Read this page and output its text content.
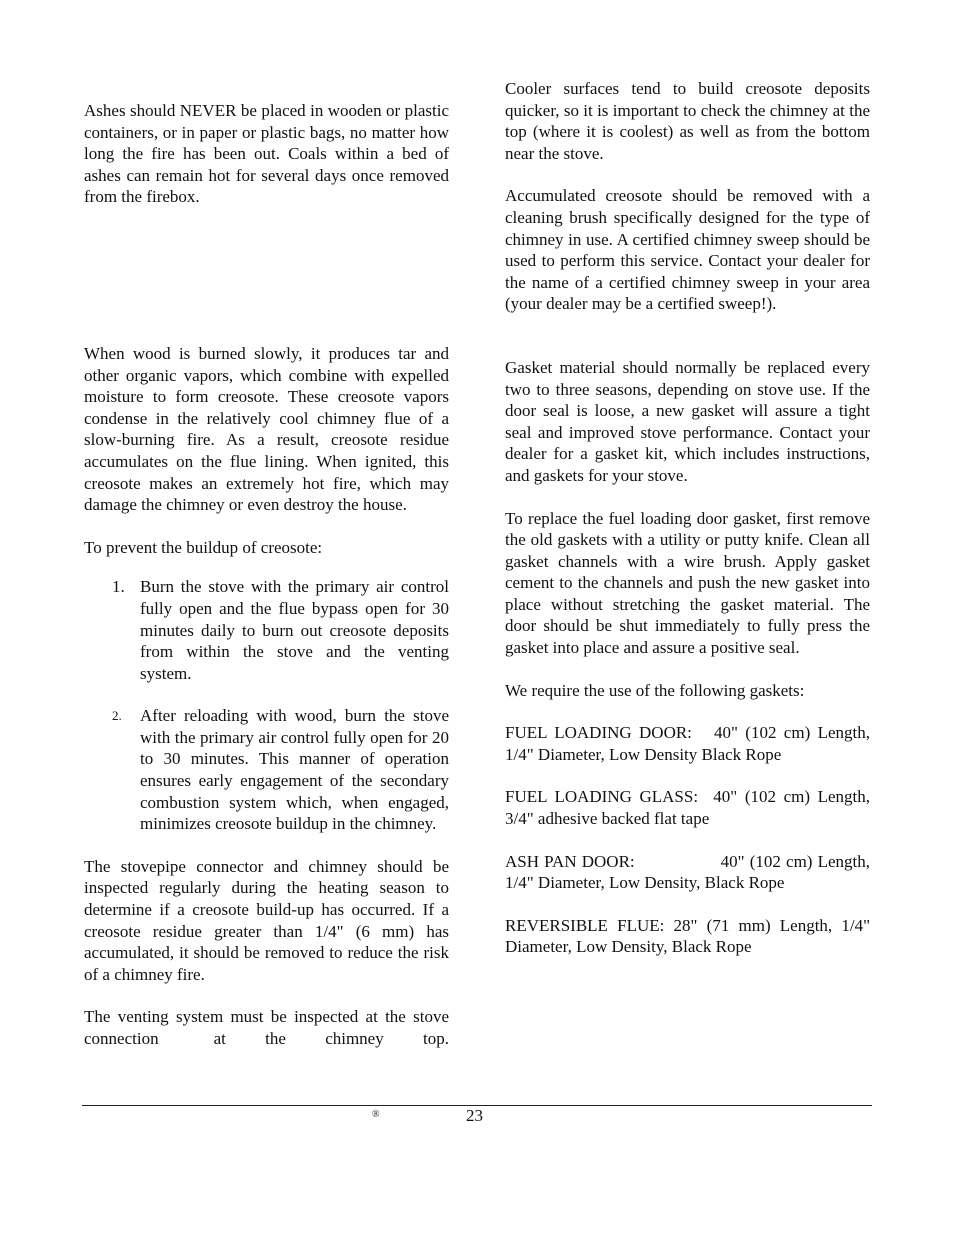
Ashes should NEVER be placed in wooden or plastic containers, or in paper or plastic bags, no matter how long the fire has been out. Coals within a bed of ashes can remain hot for several days once removed from the firebox.

When wood is burned slowly, it produces tar and other organic vapors, which combine with expelled moisture to form creosote. These creosote vapors condense in the relatively cool chimney flue of a slow-burning fire. As a result, creosote residue accumulates on the flue lining. When ignited, this creosote makes an extremely hot fire, which may damage the chimney or even destroy the house.

To prevent the buildup of creosote:

1. Burn the stove with the primary air control fully open and the flue bypass open for 30 minutes daily to burn out creosote deposits from within the stove and the venting system.
2. After reloading with wood, burn the stove with the primary air control fully open for 20 to 30 minutes. This manner of operation ensures early engagement of the secondary combustion system which, when engaged, minimizes creosote buildup in the chimney.

The stovepipe connector and chimney should be inspected regularly during the heating season to determine if a creosote build-up has occurred. If a creosote residue greater than 1/4" (6 mm) has accumulated, it should be removed to reduce the risk of a chimney fire.

The venting system must be inspected at the stove connection	at the chimney top.

Cooler surfaces tend to build creosote deposits quicker, so it is important to check the chimney at the top (where it is coolest) as well as from the bottom near the stove.

Accumulated creosote should be removed with a cleaning brush specifically designed for the type of chimney in use. A certified chimney sweep should be used to perform this service. Contact your dealer for the name of a certified chimney sweep in your area (your dealer may be a certified sweep!).

Gasket material should normally be replaced every two to three seasons, depending on stove use. If the door seal is loose, a new gasket will assure a tight seal and improved stove performance. Contact your dealer for a gasket kit, which includes instructions, and gaskets for your stove.

To replace the fuel loading door gasket, first remove the old gaskets with a utility or putty knife. Clean all gasket channels with a wire brush. Apply gasket cement to the channels and push the new gasket into place without stretching the gasket material. The door should be shut immediately to fully press the gasket into place and assure a positive seal.

We require the use of the following gaskets:

FUEL LOADING DOOR: 40" (102 cm) Length, 1/4" Diameter, Low Density Black Rope

FUEL LOADING GLASS: 40" (102 cm) Length, 3/4" adhesive backed flat tape

ASH PAN DOOR:	40" (102 cm) Length, 1/4" Diameter, Low Density, Black Rope

REVERSIBLE FLUE: 28" (71 mm) Length, 1/4" Diameter, Low Density, Black Rope

®	23
